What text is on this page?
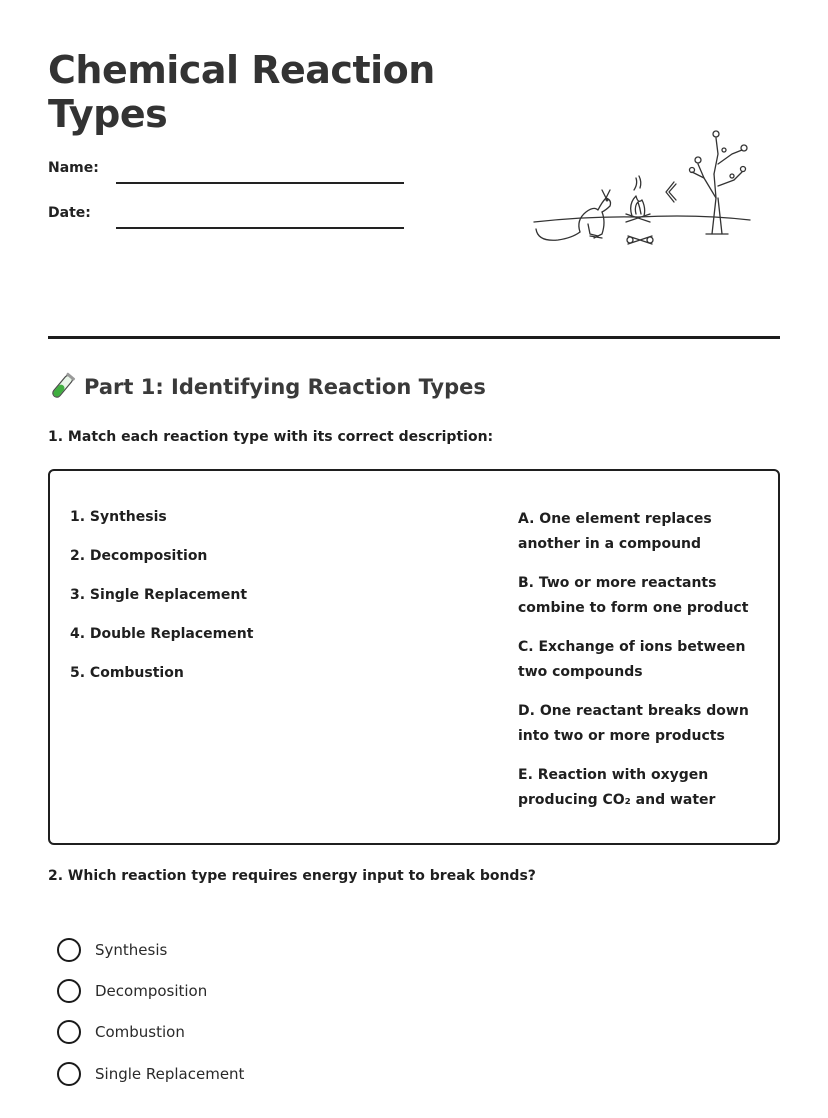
Chemical Reaction Types
Name:
Date:
Part 1: Identifying Reaction Types

1. Match each reaction type with its correct description:

1. Synthesis
2. Decomposition
3. Single Replacement
4. Double Replacement
5. Combustion
A. One element replaces another in a compound
B. Two or more reactants combine to form one product
C. Exchange of ions between two compounds
D. One reactant breaks down into two or more products
E. Reaction with oxygen producing CO₂ and water

2. Which reaction type requires energy input to break bonds?

Synthesis
Decomposition
Combustion
Single Replacement
